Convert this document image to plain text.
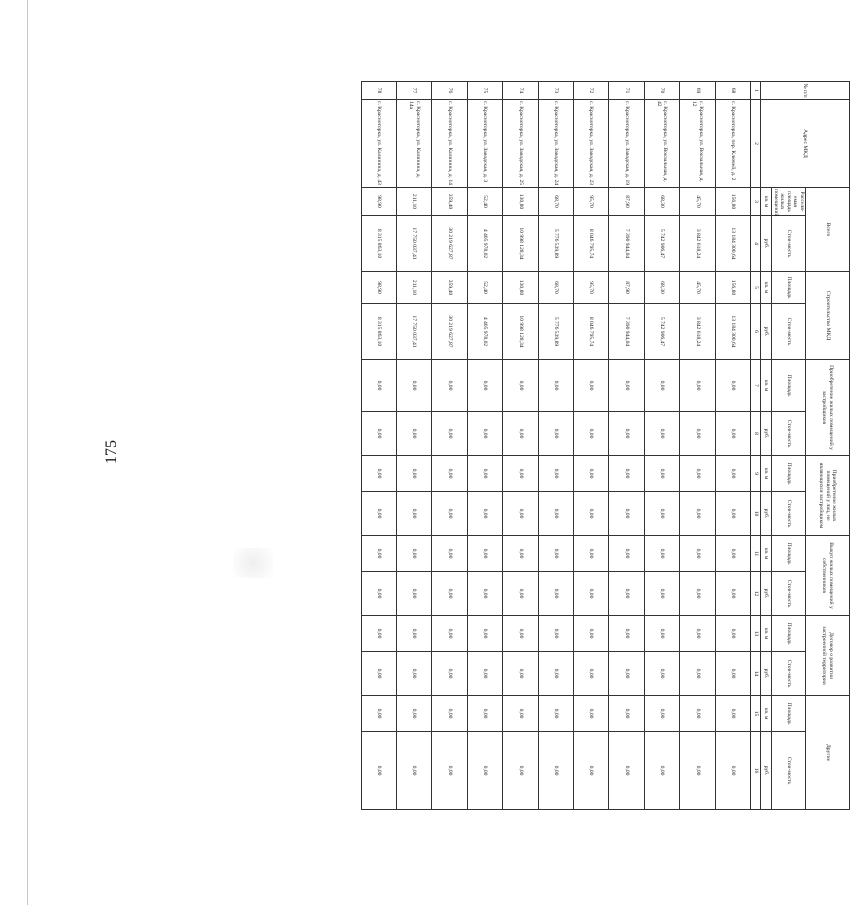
175
№ п/п	Адрес МКД	Всего		Строительство МКД		Приобретение жилых помещений у застройщиков		Приобретение жилых помещений у лиц, не являющихся застройщиком		Выкуп жилых помещений у собственников		Договор о развитии застроенной территории		Другие	
		Расселя-емая площадь жилых помещений	Стои-мость	Площадь	Стои-мость	Площадь	Стои-мость	Площадь	Стои-мость	Площадь	Стои-мость	Площадь	Стои-мость	Площадь	Стои-мость
		кв. м	руб.	кв. м	руб.	кв. м	руб.	кв. м	руб.	кв. м	руб.	кв. м	руб.	кв. м	руб.
1	2	3	4	5	6	7	8	9	10	11	12	13	14	15	16
68	с. Красноторка, пер. Ключей, д. 2	156,80	13 184 300,64	156,80	13 184 300,64	0,00	0,00	0,00	0,00	0,00	0,00	0,00	0,00	0,00	0,00
69	с. Красноторка, ул. Вокзальная, д. 12	45,70	3 842 618,24	45,70	3 842 618,24	0,00	0,00	0,00	0,00	0,00	0,00	0,00	0,00	0,00	0,00
70	с. Красноторка, ул. Вокзальная, д. 42	68,30	5 742 906,47	68,30	5 742 906,47	0,00	0,00	0,00	0,00	0,00	0,00	0,00	0,00	0,00	0,00
71	с. Красноторка, ул. Заводская, д. 19	87,90	7 390 944,04	87,90	7 390 944,04	0,00	0,00	0,00	0,00	0,00	0,00	0,00	0,00	0,00	0,00
72	с. Красноторка, ул. Заводская, д. 23	95,70	8 046 795,74	95,70	8 046 795,74	0,00	0,00	0,00	0,00	0,00	0,00	0,00	0,00	0,00	0,00
73	с. Красноторка, ул. Заводская, д. 24	68,70	5 776 539,89	68,70	5 776 539,89	0,00	0,00	0,00	0,00	0,00	0,00	0,00	0,00	0,00	0,00
74	с. Красноторка, ул. Заводская, д. 25	130,80	10 998 128,34	130,80	10 998 128,34	0,00	0,00	0,00	0,00	0,00	0,00	0,00	0,00	0,00	0,00
75	с. Красноторка, ул. Заводская, д. 3	52,40	4 405 978,02	52,40	4 405 978,02	0,00	0,00	0,00	0,00	0,00	0,00	0,00	0,00	0,00	0,00
76	с. Красноторка, ул. Калинина, д. 14	359,40	30 219 627,87	359,40	30 219 627,87	0,00	0,00	0,00	0,00	0,00	0,00	0,00	0,00	0,00	0,00
77	с. Красноторка, ул. Калинина, д. 14а	211,10	17 750 037,41	211,10	17 750 037,41	0,00	0,00	0,00	0,00	0,00	0,00	0,00	0,00	0,00	0,00
78	с. Красноторка, ул. Калинина, д. 43	98,90	8 315 863,10	98,90	8 315 863,10	0,00	0,00	0,00	0,00	0,00	0,00	0,00	0,00	0,00	0,00
